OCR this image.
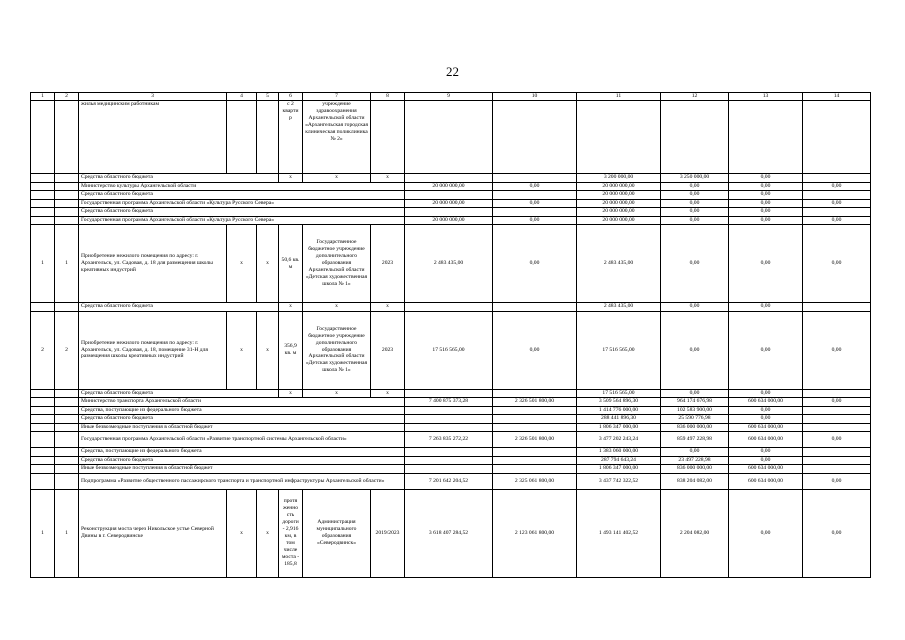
22
1	2	3	4	5	6	7	8	9	10	11	12	13	14
		жилья медицинским работникам			с 2 кварти р	учреждение здравоохранения Архангельской области «Архангельская городская клиническая поликлиника № 2»							
		Средства областного бюджета			х	х	х			3 200 000,00	3 250 000,00	0,00	
		Министерство культуры Архангельской области						20 000 000,00	0,00	20 000 000,00	0,00	0,00	0,00
		Средства областного бюджета								20 000 000,00	0,00	0,00	
		Государственная программа Архангельской области «Культура Русского Севера»						20 000 000,00	0,00	20 000 000,00	0,00	0,00	0,00
		Средства областного бюджета								20 000 000,00	0,00	0,00	
		Государственная программа Архангельской области «Культура Русского Севера»						20 000 000,00	0,00	20 000 000,00	0,00	0,00	0,00
1	1	Приобретение нежилого помещения по адресу: г. Архангельск, ул. Садовая, д. 18 для размещения школы креативных индустрий	х	х	50,6 кв. м	Государственное бюджетное учреждение дополнительного образования Архангельской области «Детская художественная школа № 1»	2023	2 483 435,00	0,00	2 483 435,00	0,00	0,00	0,00
		Средства областного бюджета			х	х	х			2 483 435,00	0,00	0,00	
2	2	Приобретение нежилого помещения по адресу: г. Архангельск, ул. Садовая, д. 18, помещение 31-Н для размещения школы креативных индустрий	х	х	356,9 кв. м	Государственное бюджетное учреждение дополнительного образования Архангельской области «Детская художественная школа № 1»	2023	17 516 565,00	0,00	17 516 565,00	0,00	0,00	0,00
		Средства областного бюджета			х	х	х			17 516 565,00	0,00	0,00	
		Министерство транспорта Архангельской области						7 400 875 373,28	2 326 501 800,00	3 509 564 896,30	964 174 676,98	600 634 000,00	0,00
		Средства, поступающие из федерального бюджета								1 414 776 000,00	102 583 900,00	0,00	
		Средства областного бюджета								288 441 896,30	25 590 776,98	0,00	
		Иные безвозмездные поступления в областной бюджет								1 806 347 000,00	836 000 000,00	600 634 000,00	
		Государственная программа Архангельской области «Развитие транспортной системы Архангельской области»						7 263 835 272,22	2 326 501 800,00	3 477 202 243,24	859 497 228,98	600 634 000,00	0,00
		Средства, поступающие из федерального бюджета								1 383 060 000,00	0,00	0,00	
		Средства областного бюджета								287 794 643,24	23 497 228,98	0,00	
		Иные безвозмездные поступления в областной бюджет								1 806 347 000,00	836 000 000,00	600 634 000,00	
		Подпрограмма «Развитие общественного пассажирского транспорта и транспортной инфраструктуры Архангельской области»						7 201 642 204,52	2 325 061 800,00	3 437 742 322,52	838 204 082,00	600 634 000,00	0,00
1	1	Реконструкция моста через Никольское устье Северной Двины в г. Северодвинске	х	х	протя женно сть дороги - 2,916 км, в том числе моста - 185,8	Администрация муниципального образования «Северодвинск»	2019/2023	3 618 407 284,52	2 123 061 800,00	1 493 141 402,52	2 204 082,00	0,00	0,00
